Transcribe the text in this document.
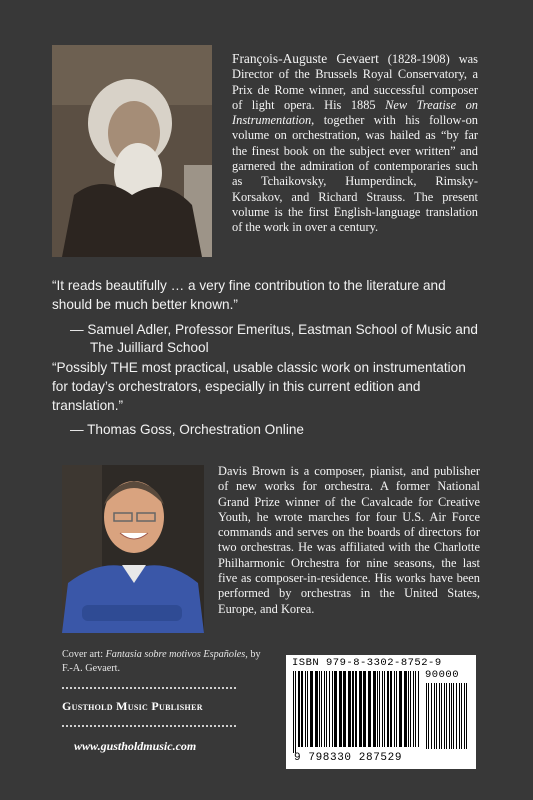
François-Auguste Gevaert (1828-1908) was Director of the Brussels Royal Conservatory, a Prix de Rome winner, and successful composer of light opera. His 1885 New Treatise on Instrumentation, together with his follow-on volume on orchestration, was hailed as “by far the finest book on the subject ever written” and garnered the admiration of contemporaries such as Tchaikovsky, Humperdinck, Rimsky-Korsakov, and Richard Strauss. The present volume is the first English-language translation of the work in over a century.
“It reads beautifully … a very fine contribution to the literature and should be much better known.”
— Samuel Adler, Professor Emeritus, Eastman School of Music and The Juilliard School
“Possibly THE most practical, usable classic work on instrumentation for today’s orchestrators, especially in this current edition and translation.”
— Thomas Goss, Orchestration Online
Davis Brown is a composer, pianist, and publisher of new works for orchestra. A former National Grand Prize winner of the Cavalcade for Creative Youth, he wrote marches for four U.S. Air Force commands and serves on the boards of directors for two orchestras. He was affiliated with the Charlotte Philharmonic Orchestra for nine seasons, the last five as composer-in-residence. His works have been performed by orchestras in the United States, Europe, and Korea.
Cover art: Fantasia sobre motivos Españoles, by F.-A. Gevaert.
Gusthold Music Publisher
www.gustholdmusic.com
ISBN 979-8-3302-8752-9
90000
9 798330 287529
